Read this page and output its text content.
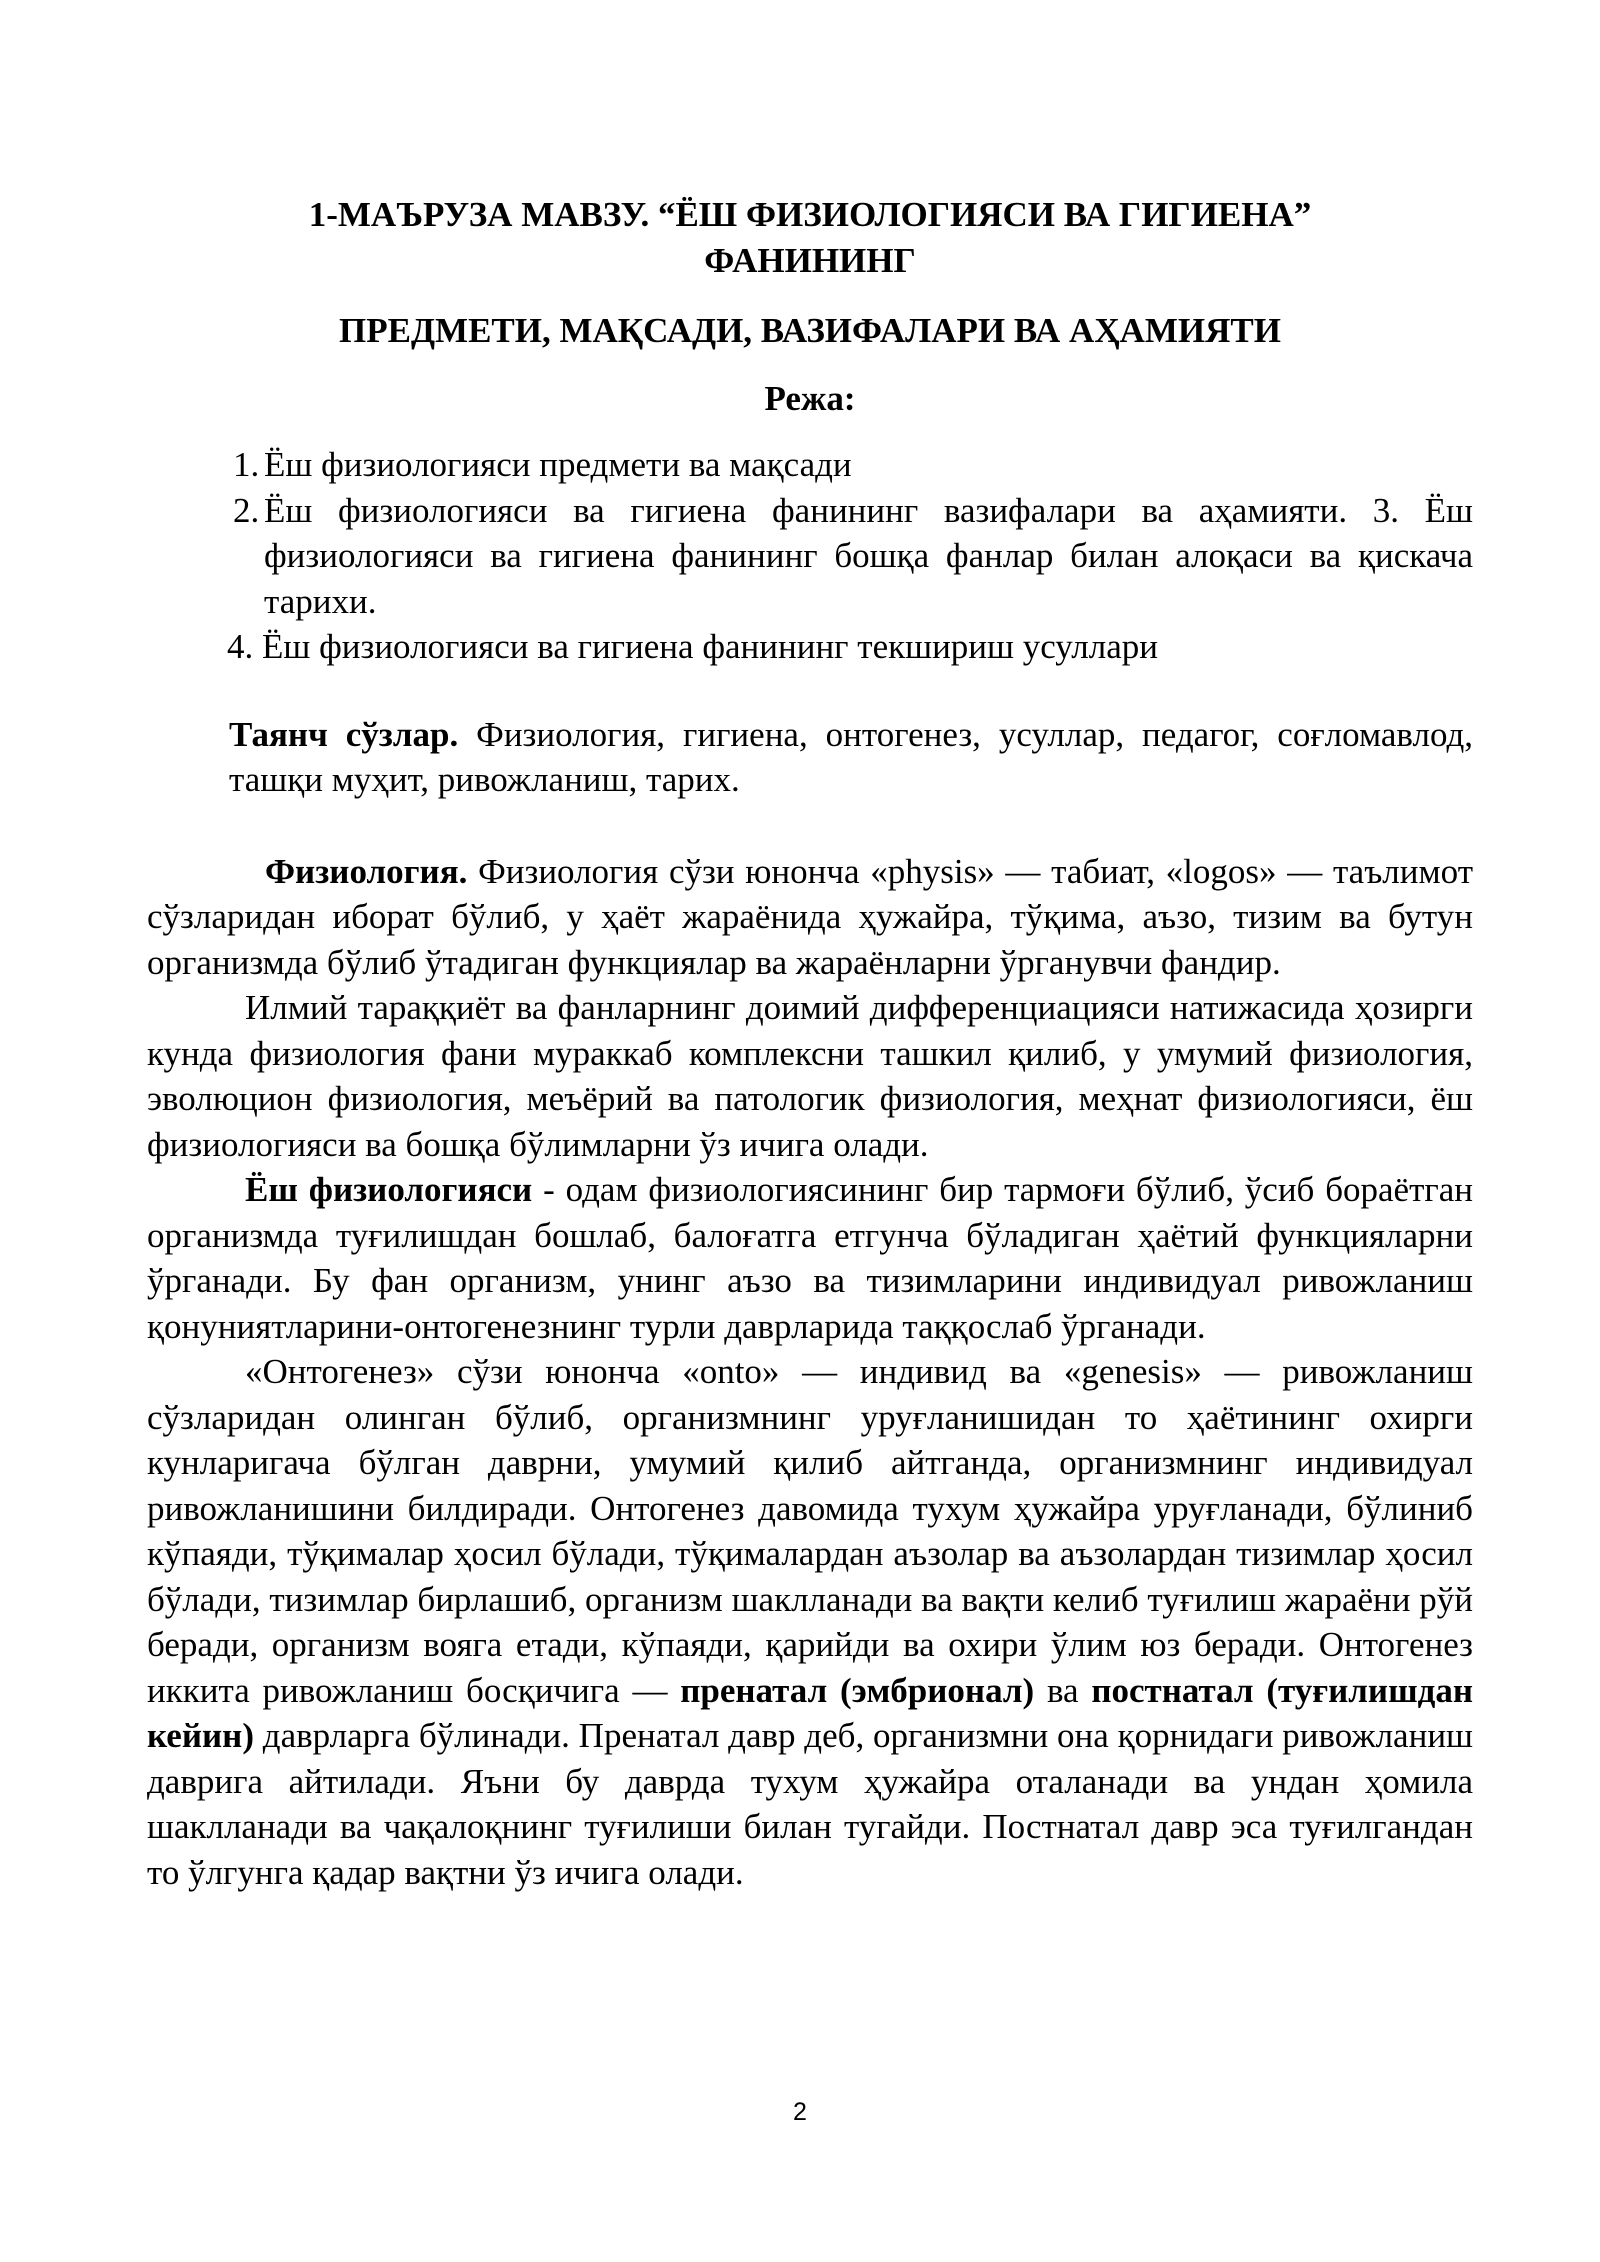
1-МАЪРУЗА МАВЗУ. “ЁШ ФИЗИОЛОГИЯСИ ВА ГИГИЕНА” ФАНИНИНГ

ПРЕДМЕТИ, МАҚСАДИ, ВАЗИФАЛАРИ ВА АҲАМИЯТИ

Режа:

1. Ёш физиологияси предмети ва мақсади
2. Ёш физиологияси ва гигиена фанининг вазифалари ва аҳамияти. 3. Ёш физиологияси ва гигиена фанининг бошқа фанлар билан алоқаси ва қискача тарихи.
4. Ёш физиологияси ва гигиена фанининг текшириш усуллари

Таянч сўзлар. Физиология, гигиена, онтогенез, усуллар, педагог, соғломавлод, ташқи муҳит, ривожланиш, тарих.

Физиология. Физиология сўзи юнонча «physis» — табиат, «logos» — таълимот сўзларидан иборат бўлиб, у ҳаёт жараёнида ҳужайра, тўқима, аъзо, тизим ва бутун организмда бўлиб ўтадиган функциялар ва жараёнларни ўрганувчи фандир.

Илмий тараққиёт ва фанларнинг доимий дифференциацияси натижасида ҳозирги кунда физиология фани мураккаб комплексни ташкил қилиб, у умумий физиология, эволюцион физиология, меъёрий ва патологик физиология, меҳнат физиологияси, ёш физиологияси ва бошқа бўлимларни ўз ичига олади.

Ёш физиологияси - одам физиологиясининг бир тармоғи бўлиб, ўсиб бораётган организмда туғилишдан бошлаб, балоғатга етгунча бўладиган ҳаётий функцияларни ўрганади. Бу фан организм, унинг аъзо ва тизимларини индивидуал ривожланиш қонуниятларини-онтогенезнинг турли даврларида таққослаб ўрганади.

«Онтогенез» сўзи юнонча «onto» — индивид ва «genesis» — ривожланиш сўзларидан олинган бўлиб, организмнинг уруғланишидан то ҳаётининг охирги кунларигача бўлган даврни, умумий қилиб айтганда, организмнинг индивидуал ривожланишини билдиради. Онтогенез давомида тухум ҳужайра уруғланади, бўлиниб кўпаяди, тўқималар ҳосил бўлади, тўқималардан аъзолар ва аъзолардан тизимлар ҳосил бўлади, тизимлар бирлашиб, организм шаклланади ва вақти келиб туғилиш жараёни рўй беради, организм вояга етади, кўпаяди, қарийди ва охири ўлим юз беради. Онтогенез иккита ривожланиш босқичига — пренатал (эмбрионал) ва постнатал (туғилишдан кейин) даврларга бўлинади. Пренатал давр деб, организмни она қорнидаги ривожланиш даврига айтилади. Яъни бу даврда тухум ҳужайра оталанади ва ундан ҳомила шаклланади ва чақалоқнинг туғилиши билан тугайди. Постнатал давр эса туғилгандан то ўлгунга қадар вақтни ўз ичига олади.

2
